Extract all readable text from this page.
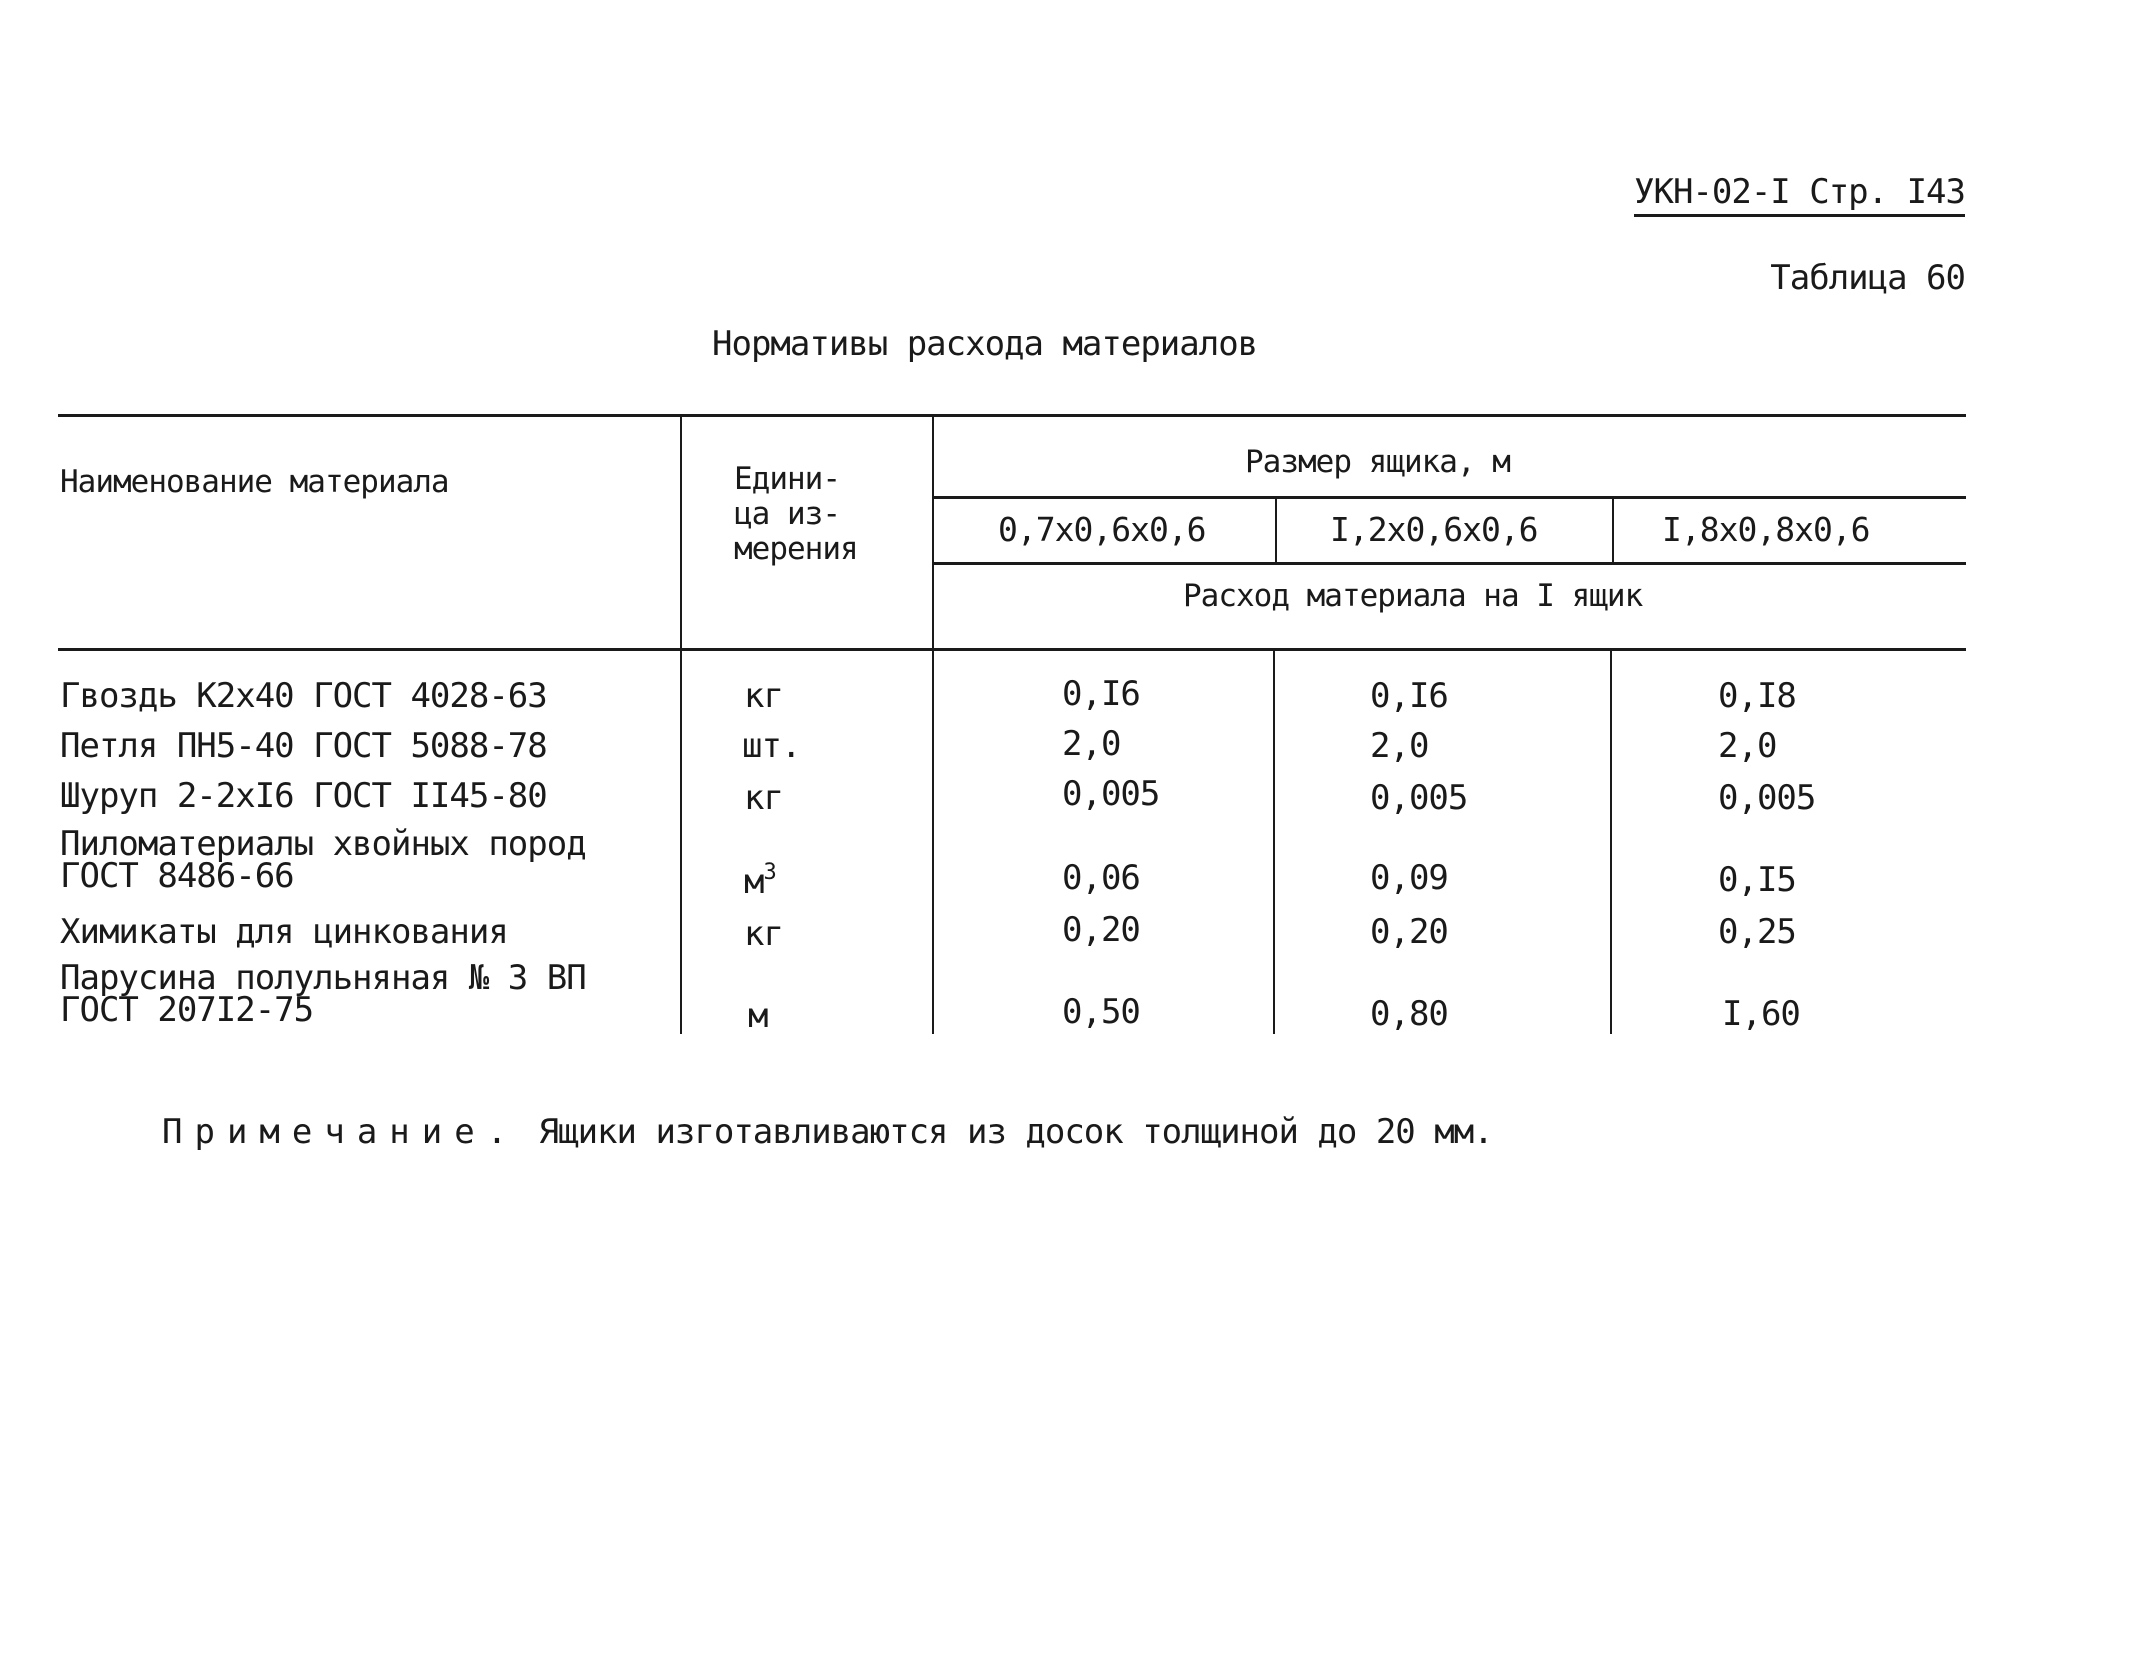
УКН-02-I Стр. I43
Таблица 60
Нормативы расхода материалов
Наименование материала	Едини-
ца из-
мерения
Размер ящика, м
0,7х0,6х0,6	I,2х0,6х0,6	I,8х0,8х0,6
Расход материала на I ящик
Гвоздь К2х40 ГОСТ 4028-63	кг	0,I6	0,I6	0,I8
Петля ПН5-40 ГОСТ 5088-78	шт.	2,0	2,0	2,0
Шуруп 2-2хI6 ГОСТ II45-80	кг	0,005	0,005	0,005
Пиломатериалы хвойных пород
ГОСТ 8486-66	$м^3$	0,06	0,09	0,I5
Химикаты для цинкования	кг	0,20	0,20	0,25
Парусина полульняная № 3 ВП
ГОСТ 207I2-75	м	0,50	0,80	I,60
Примечание. Ящики изготавливаются из досок толщиной до 20 мм.
